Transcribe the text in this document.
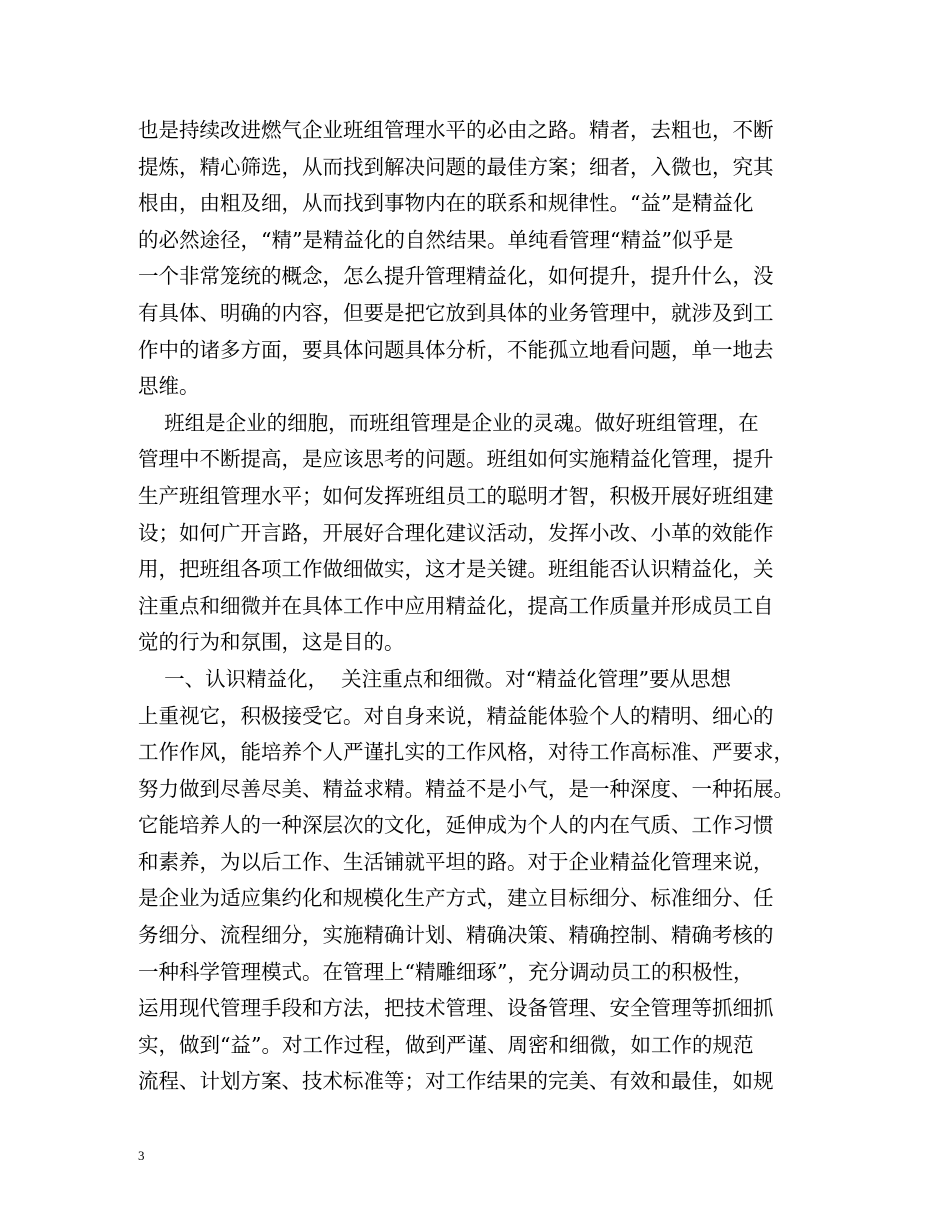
也是持续改进燃气企业班组管理水平的必由之路。精者，去粗也，不断
提炼，精心筛选，从而找到解决问题的最佳方案；细者，入微也，究其
根由，由粗及细，从而找到事物内在的联系和规律性。“益”是精益化
的必然途径，“精”是精益化的自然结果。单纯看管理“精益”似乎是
一个非常笼统的概念，怎么提升管理精益化，如何提升，提升什么，没
有具体、明确的内容，但要是把它放到具体的业务管理中，就涉及到工
作中的诸多方面，要具体问题具体分析，不能孤立地看问题，单一地去
思维。
班组是企业的细胞，而班组管理是企业的灵魂。做好班组管理，在
管理中不断提高，是应该思考的问题。班组如何实施精益化管理，提升
生产班组管理水平；如何发挥班组员工的聪明才智，积极开展好班组建
设；如何广开言路，开展好合理化建议活动，发挥小改、小革的效能作
用，把班组各项工作做细做实，这才是关键。班组能否认识精益化，关
注重点和细微并在具体工作中应用精益化，提高工作质量并形成员工自
觉的行为和氛围，这是目的。
一、认识精益化，  关注重点和细微。对“精益化管理”要从思想
上重视它，积极接受它。对自身来说，精益能体验个人的精明、细心的
工作作风，能培养个人严谨扎实的工作风格，对待工作高标准、严要求，
努力做到尽善尽美、精益求精。精益不是小气，是一种深度、一种拓展。
它能培养人的一种深层次的文化，延伸成为个人的内在气质、工作习惯
和素养，为以后工作、生活铺就平坦的路。对于企业精益化管理来说，
是企业为适应集约化和规模化生产方式，建立目标细分、标准细分、任
务细分、流程细分，实施精确计划、精确决策、精确控制、精确考核的
一种科学管理模式。在管理上“精雕细琢”，充分调动员工的积极性，
运用现代管理手段和方法，把技术管理、设备管理、安全管理等抓细抓
实，做到“益”。对工作过程，做到严谨、周密和细微，如工作的规范
流程、计划方案、技术标准等；对工作结果的完美、有效和最佳，如规
3
